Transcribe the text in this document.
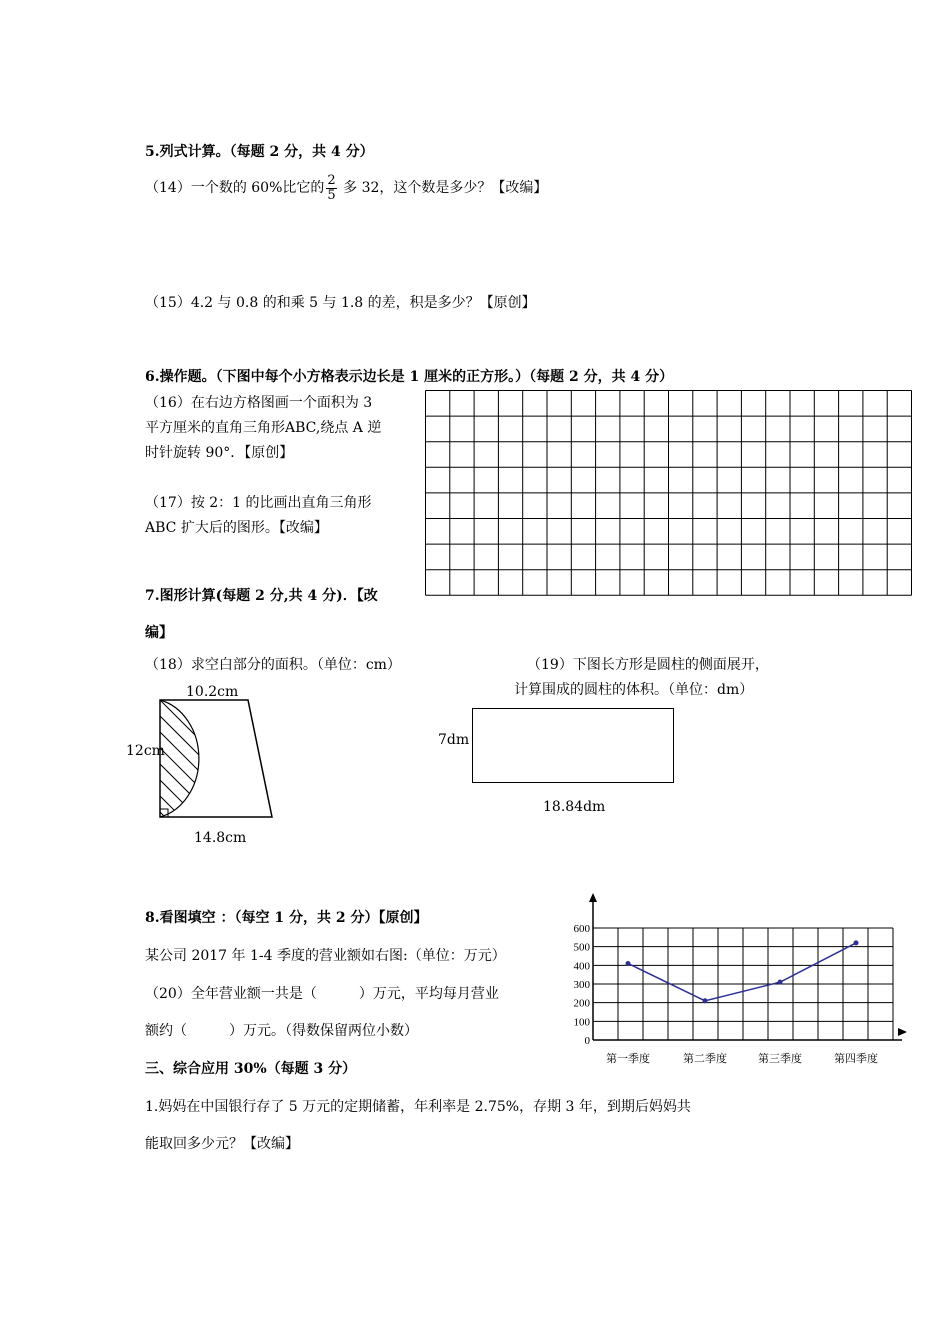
5.列式计算。（每题 2 分，共 4 分）
（14）一个数的 60%比它的 $\frac{2}{5}$ 多 32，这个数是多少？【改编】
（15）4.2 与 0.8 的和乘 5 与 1.8 的差，积是多少？【原创】
6.操作题。（下图中每个小方格表示边长是 1 厘米的正方形。）（每题 2 分，共 4 分）
（16）在右边方格图画一个面积为 3
平方厘米的直角三角形ABC,绕点 A 逆
时针旋转 90°．【原创】
（17）按 2：1 的比画出直角三角形
ABC 扩大后的图形。【改编】
7.图形计算(每题 2 分,共 4 分)．【改
编】
（18）求空白部分的面积。（单位：cm）	（19）下图长方形是圆柱的侧面展开，
计算围成的圆柱的体积。（单位：dm）
10.2cm
12cm
14.8cm
7dm
18.84dm
8.看图填空 ：（每空 1 分，共 2 分）【原创】
某公司 2017 年 1-4 季度的营业额如右图:（单位：万元）
（20）全年营业额一共是（　　　）万元，平均每月营业
额约（　　　）万元。（得数保留两位小数）
0
100
200
300
400
500
600
第一季度	第二季度	第三季度	第四季度
三、综合应用 30%（每题 3 分）
1.妈妈在中国银行存了 5 万元的定期储蓄，年利率是 2.75%，存期 3 年，到期后妈妈共
能取回多少元？【改编】
